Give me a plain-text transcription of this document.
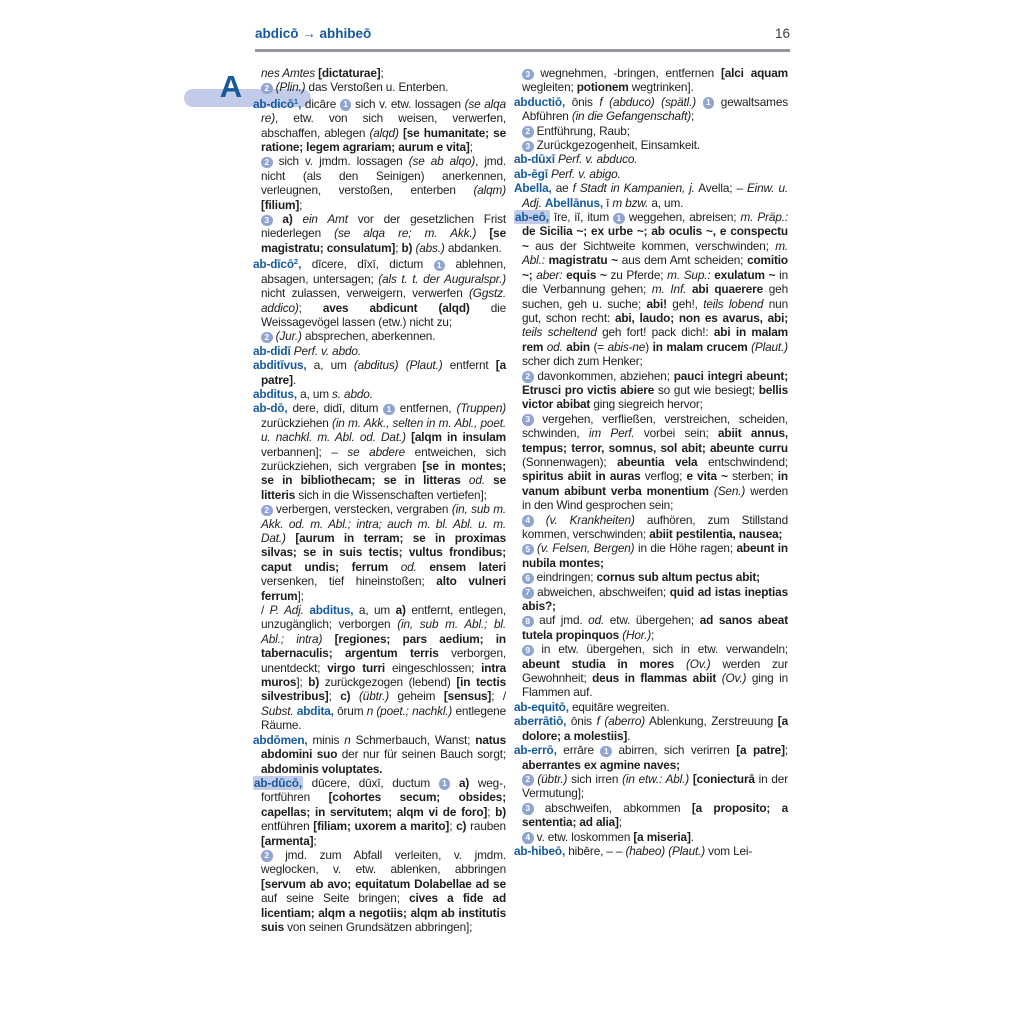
abdicō → abhibeō	16
A	nes Amtes [dictaturae];
2 (Plin.) das Verstoßen u. Enterben.
ab-dicō$^1$, dicāre 1 sich v. etw. lossagen (se alqa re), etw. von sich weisen, verwerfen, abschaffen, ablegen (alqd) [se humanitate; se ratione; legem agrariam; aurum e vita];
2 sich v. jmdm. lossagen (se ab alqo), jmd. nicht (als den Seinigen) anerkennen, verleugnen, verstoßen, enterben (alqm) [filium];
3 a) ein Amt vor der gesetzlichen Frist niederlegen (se alqa re; m. Akk.) [se magistratu; consulatum]; b) (abs.) abdanken.
ab-dīcō$^2$, dīcere, dīxī, dictum 1 ablehnen, absagen, untersagen; (als t. t. der Auguralspr.) nicht zulassen, verweigern, verwerfen (Ggstz. addico); aves abdicunt (alqd) die Weissagevögel lassen (etw.) nicht zu;
2 (Jur.) absprechen, aberkennen.
ab-didī Perf. v. abdo.
abditīvus, a, um (abditus) (Plaut.) entfernt [a patre].
abditus, a, um s. abdo.
ab-dō, dere, didī, ditum 1 entfernen, (Truppen) zurückziehen (in m. Akk., selten in m. Abl., poet. u. nachkl. m. Abl. od. Dat.) [alqm in insulam verbannen]; – se abdere entweichen, sich zurückziehen, sich vergraben [se in montes; se in bibliothecam; se in litteras od. se litteris sich in die Wissenschaften vertiefen];
2 verbergen, verstecken, vergraben (in, sub m. Akk. od. m. Abl.; intra; auch m. bl. Abl. u. m. Dat.) [aurum in terram; se in proximas silvas; se in suis tectis; vultus frondibus; caput undis; ferrum od. ensem lateri versenken, tief hineinstoßen; alto vulneri ferrum];
/ P. Adj. abditus, a, um a) entfernt, entlegen, unzugänglich; verborgen (in, sub m. Abl.; bl. Abl.; intra) [regiones; pars aedium; in tabernaculis; argentum terris verborgen, unentdeckt; virgo turri eingeschlossen; intra muros]; b) zurückgezogen (lebend) [in tectis silvestribus]; c) (übtr.) geheim [sensus]; / Subst. abdita, ōrum n (poet.; nachkl.) entlegene Räume.
abdōmen, minis n Schmerbauch, Wanst; natus abdomini suo der nur für seinen Bauch sorgt; abdominis voluptates.
ab-dūcō, dūcere, dūxī, ductum 1 a) weg-, fortführen [cohortes secum; obsides; capellas; in servitutem; alqm vi de foro]; b) entführen [filiam; uxorem a marito]; c) rauben [armenta];
2 jmd. zum Abfall verleiten, v. jmdm. weglocken, v. etw. ablenken, abbringen [servum ab avo; equitatum Dolabellae ad se auf seine Seite bringen; cives a fide ad licentiam; alqm a negotiis; alqm ab institutis suis von seinen Grundsätzen abbringen];
3 wegnehmen, -bringen, entfernen [alci aquam wegleiten; potionem wegtrinken].
abductiō, ōnis f (abduco) (spätl.) 1 gewaltsames Abführen (in die Gefangenschaft);
2 Entführung, Raub;
3 Zurückgezogenheit, Einsamkeit.
ab-dūxī Perf. v. abduco.
ab-ēgī Perf. v. abigo.
Abella, ae f Stadt in Kampanien, j. Avella; – Einw. u. Adj. Abellānus, ī m bzw. a, um.
ab-eō, īre, iī, itum 1 weggehen, abreisen; m. Präp.: de Sicilia ~; ex urbe ~; ab oculis ~, e conspectu ~ aus der Sichtweite kommen, verschwinden; m. Abl.: magistratu ~ aus dem Amt scheiden; comitio ~; aber: equis ~ zu Pferde; m. Sup.: exulatum ~ in die Verbannung gehen; m. Inf. abi quaerere geh suchen, geh u. suche; abi! geh!, teils lobend nun gut, schon recht: abi, laudo; non es avarus, abi; teils scheltend geh fort! pack dich!: abi in malam rem od. abin (= abis-ne) in malam crucem (Plaut.) scher dich zum Henker;
2 davonkommen, abziehen; pauci integri abeunt; Etrusci pro victis abiere so gut wie besiegt; bellis victor abibat ging siegreich hervor;
3 vergehen, verfließen, verstreichen, scheiden, schwinden, im Perf. vorbei sein; abiit annus, tempus; terror, somnus, sol abit; abeunte curru (Sonnenwagen); abeuntia vela entschwindend; spiritus abiit in auras verflog; e vita ~ sterben; in vanum abibunt verba monentium (Sen.) werden in den Wind gesprochen sein;
4 (v. Krankheiten) aufhören, zum Stillstand kommen, verschwinden; abiit pestilentia, nausea;
5 (v. Felsen, Bergen) in die Höhe ragen; abeunt in nubila montes;
6 eindringen; cornus sub altum pectus abit;
7 abweichen, abschweifen; quid ad istas ineptias abis?;
8 auf jmd. od. etw. übergehen; ad sanos abeat tutela propinquos (Hor.);
9 in etw. übergehen, sich in etw. verwandeln; abeunt studia in mores (Ov.) werden zur Gewohnheit; deus in flammas abiit (Ov.) ging in Flammen auf.
ab-equitō, equitāre wegreiten.
aberrātiō, ōnis f (aberro) Ablenkung, Zerstreuung [a dolore; a molestiis].
ab-errō, errāre 1 abirren, sich verirren [a patre]; aberrantes ex agmine naves;
2 (übtr.) sich irren (in etw.: Abl.) [coniecturā in der Vermutung];
3 abschweifen, abkommen [a proposito; a sententia; ad alia];
4 v. etw. loskommen [a miseria].
ab-hibeō, hibēre, – – (habeo) (Plaut.) vom Lei-
